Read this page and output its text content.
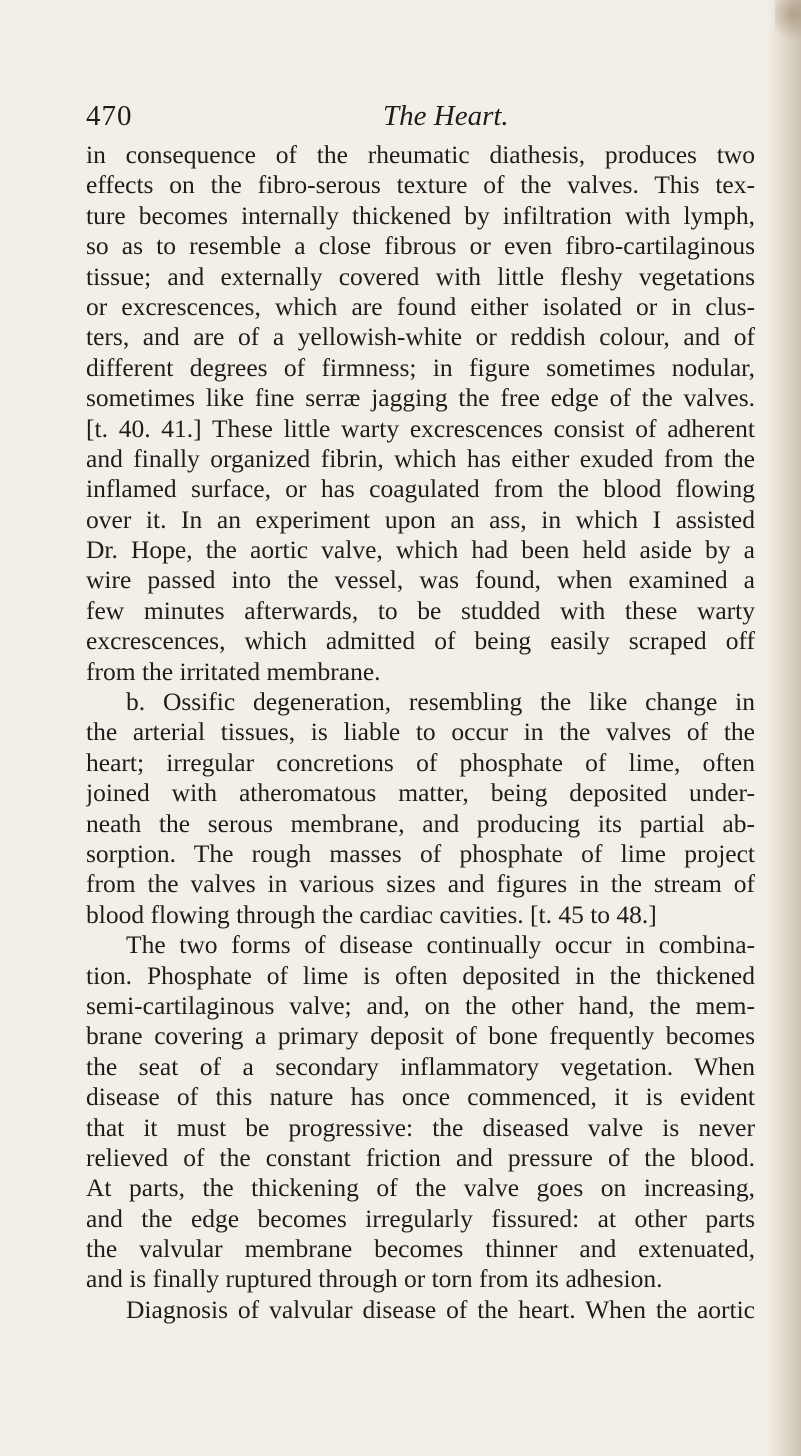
470	The Heart.
in consequence of the rheumatic diathesis, produces two
effects on the fibro-serous texture of the valves. This tex-
ture becomes internally thickened by infiltration with lymph,
so as to resemble a close fibrous or even fibro-cartilaginous
tissue; and externally covered with little fleshy vegetations
or excrescences, which are found either isolated or in clus-
ters, and are of a yellowish-white or reddish colour, and of
different degrees of firmness; in figure sometimes nodular,
sometimes like fine serræ jagging the free edge of the valves.
[t. 40. 41.] These little warty excrescences consist of adherent
and finally organized fibrin, which has either exuded from the
inflamed surface, or has coagulated from the blood flowing
over it. In an experiment upon an ass, in which I assisted
Dr. Hope, the aortic valve, which had been held aside by a
wire passed into the vessel, was found, when examined a
few minutes afterwards, to be studded with these warty
excrescences, which admitted of being easily scraped off
from the irritated membrane.
b. Ossific degeneration, resembling the like change in
the arterial tissues, is liable to occur in the valves of the
heart; irregular concretions of phosphate of lime, often
joined with atheromatous matter, being deposited under-
neath the serous membrane, and producing its partial ab-
sorption. The rough masses of phosphate of lime project
from the valves in various sizes and figures in the stream of
blood flowing through the cardiac cavities. [t. 45 to 48.]
The two forms of disease continually occur in combina-
tion. Phosphate of lime is often deposited in the thickened
semi-cartilaginous valve; and, on the other hand, the mem-
brane covering a primary deposit of bone frequently becomes
the seat of a secondary inflammatory vegetation. When
disease of this nature has once commenced, it is evident
that it must be progressive: the diseased valve is never
relieved of the constant friction and pressure of the blood.
At parts, the thickening of the valve goes on increasing,
and the edge becomes irregularly fissured: at other parts
the valvular membrane becomes thinner and extenuated,
and is finally ruptured through or torn from its adhesion.
Diagnosis of valvular disease of the heart. When the aortic
